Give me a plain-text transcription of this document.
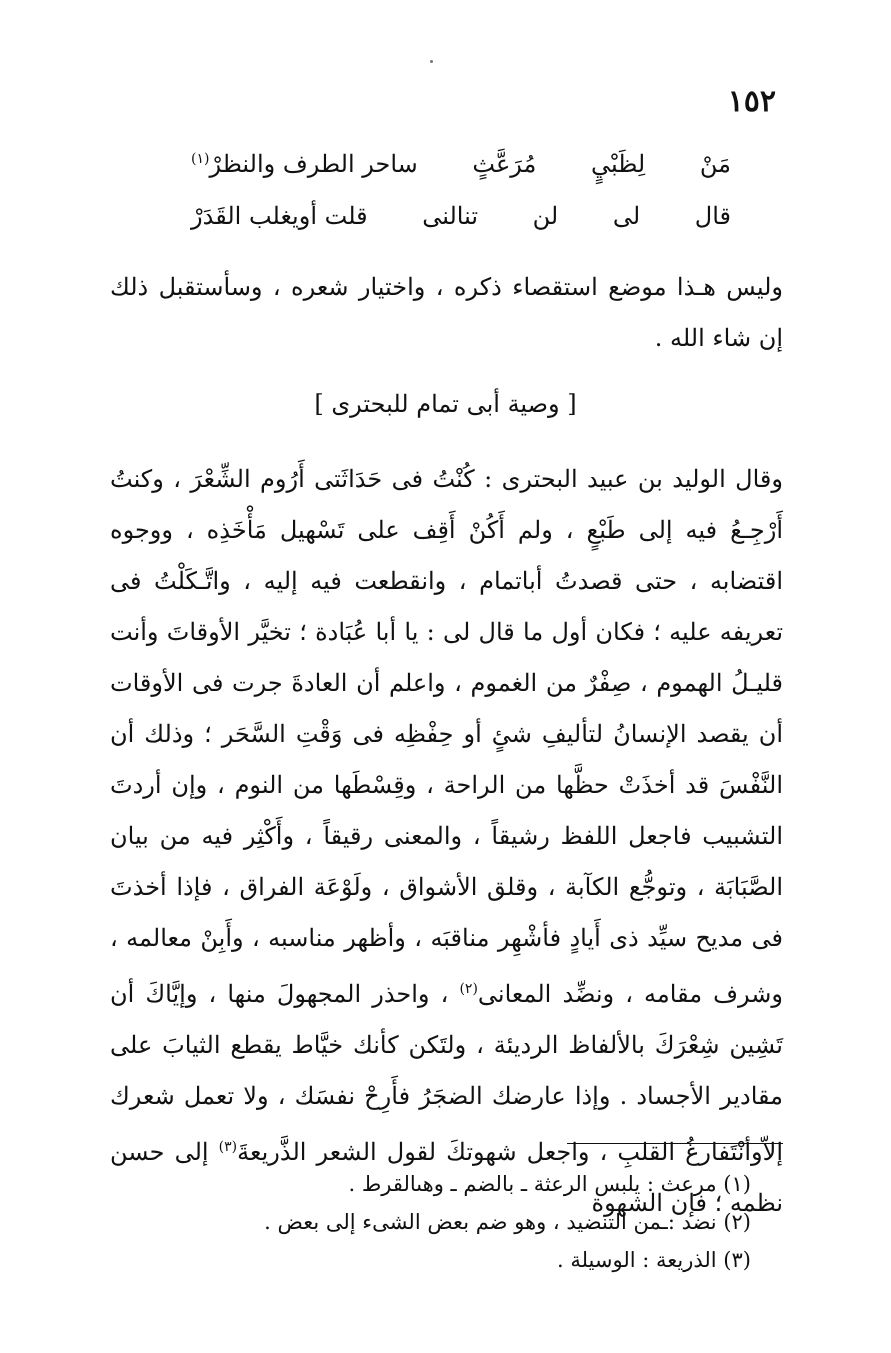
١٥٢
مَنْ
لِظَبْيٍ
مُرَعَّثٍ
ساحر الطرف والنظرْ$^{(١)}$
قال
لى
لن
تنالنى
قلت أويغلب القَدَرْ
وليس هـذا موضع استقصاء ذكره ، واختيار شعره ، وسأستقبل ذلك إن شاء الله .
[ وصية أبى تمام للبحترى ]
وقال الوليد بن عبيد البحترى : كُنْتُ فى حَدَاثَتى أَرُوم الشِّعْرَ ، وكنتُ أَرْجِـعُ فيه إلى طَبْعٍ ، ولم أَكُنْ أَقِف على تَسْهيل مَأْخَذِه ، ووجوه اقتضابه ، حتى قصدتُ أباتمام ، وانقطعت فيه إليه ، واتَّـكَلْتُ فى تعريفه عليه ؛ فكان أول ما قال لى : يا أبا عُبَادة ؛ تخيَّر الأوقاتَ وأنت قليـلُ الهموم ، صِفْرٌ من الغموم ، واعلم أن العادةَ جرت فى الأوقات أن يقصد الإنسانُ لتأليفِ شئٍ أو حِفْظِه فى وَقْتِ السَّحَر ؛ وذلك أن النَّفْسَ قد أخذَتْ حظَّها من الراحة ، وقِسْطَها من النوم ، وإن أردتَ التشبيب فاجعل اللفظ رشيقاً ، والمعنى رقيقاً ، وأَكْثِر فيه من بيان الصَّبَابَة ، وتوجُّع الكآبة ، وقلق الأشواق ، ولَوْعَة الفراق ، فإذا أخذتَ فى مديح سيِّد ذى أَيادٍ فأشْهِر مناقبَه ، وأظهر مناسبه ، وأَبِنْ معالمه ، وشرف مقامه ، ونضِّد المعانى$^{(٢)}$ ، واحذر المجهولَ منها ، وإيَّاكَ أن تَشِين شِعْرَكَ بالألفاظ الرديئة ، ولتَكن كأنك خيَّاط يقطع الثيابَ على مقادير الأجساد . وإذا عارضك الضجَرُ فأَرِحْ نفسَك ، ولا تعمل شعرك إلاّوأنْتَفارغُ القلبِ ، واجعل شهوتكَ لقول الشعر الذَّريعةَ$^{(٣)}$ إلى حسن نظمه ؛ فإن الشهوة
(١) مرعث : يلبس الرعثة ـ بالضم ـ وهىالقرط .
(٢) نضد :ـمن التنضيد ، وهو ضم بعض الشىء إلى بعض .
(٣) الذريعة : الوسيلة .
